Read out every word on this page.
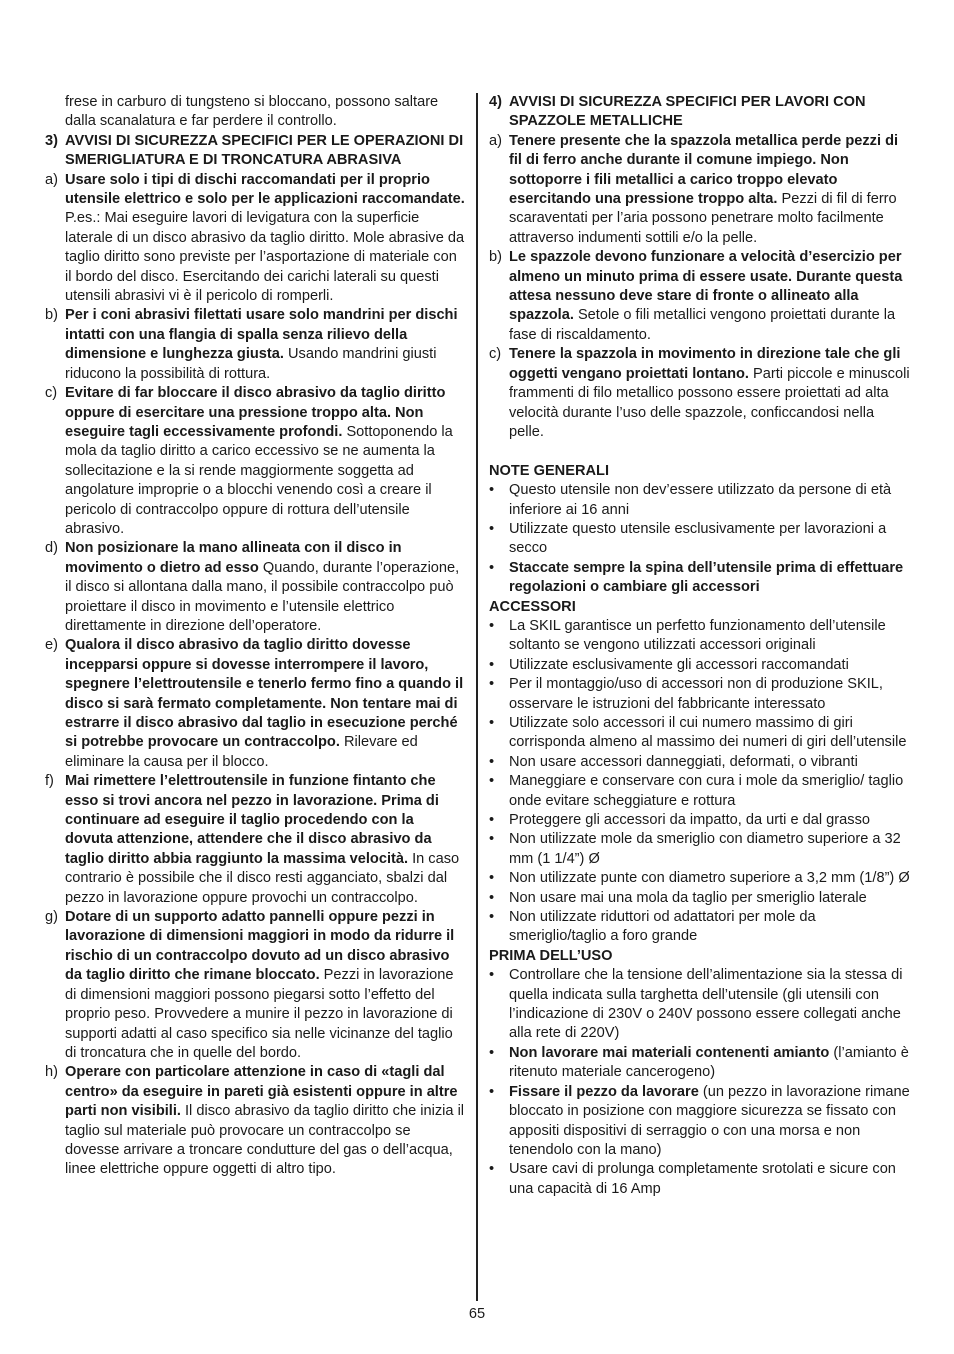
frese in carburo di tungsteno si bloccano, possono saltare dalla scanalatura e far perdere il controllo.

3) AVVISI DI SICUREZZA SPECIFICI PER LE OPERAZIONI DI SMERIGLIATURA E DI TRONCATURA ABRASIVA
a) Usare solo i tipi di dischi raccomandati per il proprio utensile elettrico e solo per le applicazioni raccomandate. P.es.: Mai eseguire lavori di levigatura con la superficie laterale di un disco abrasivo da taglio diritto. Mole abrasive da taglio diritto sono previste per l’asportazione di materiale con il bordo del disco. Esercitando dei carichi laterali su questi utensili abrasivi vi è il pericolo di romperli.
b) Per i coni abrasivi filettati usare solo mandrini per dischi intatti con una flangia di spalla senza rilievo della dimensione e lunghezza giusta. Usando mandrini giusti riducono la possibilità di rottura.
c) Evitare di far bloccare il disco abrasivo da taglio diritto oppure di esercitare una pressione troppo alta. Non eseguire tagli eccessivamente profondi. Sottoponendo la mola da taglio diritto a carico eccessivo se ne aumenta la sollecitazione e la si rende maggiormente soggetta ad angolature improprie o a blocchi venendo così a creare il pericolo di contraccolpo oppure di rottura dell’utensile abrasivo.
d) Non posizionare la mano allineata con il disco in movimento o dietro ad esso Quando, durante l’operazione, il disco si allontana dalla mano, il possibile contraccolpo può proiettare il disco in movimento e l’utensile elettrico direttamente in direzione dell’operatore.
e) Qualora il disco abrasivo da taglio diritto dovesse incepparsi oppure si dovesse interrompere il lavoro, spegnere l’elettroutensile e tenerlo fermo fino a quando il disco si sarà fermato completamente. Non tentare mai di estrarre il disco abrasivo dal taglio in esecuzione perché si potrebbe provocare un contraccolpo. Rilevare ed eliminare la causa per il blocco.
f) Mai rimettere l’elettroutensile in funzione fintanto che esso si trovi ancora nel pezzo in lavorazione. Prima di continuare ad eseguire il taglio procedendo con la dovuta attenzione, attendere che il disco abrasivo da taglio diritto abbia raggiunto la massima velocità. In caso contrario è possibile che il disco resti agganciato, sbalzi dal pezzo in lavorazione oppure provochi un contraccolpo.
g) Dotare di un supporto adatto pannelli oppure pezzi in lavorazione di dimensioni maggiori in modo da ridurre il rischio di un contraccolpo dovuto ad un disco abrasivo da taglio diritto che rimane bloccato. Pezzi in lavorazione di dimensioni maggiori possono piegarsi sotto l’effetto del proprio peso. Provvedere a munire il pezzo in lavorazione di supporti adatti al caso specifico sia nelle vicinanze del taglio di troncatura che in quelle del bordo.
h) Operare con particolare attenzione in caso di «tagli dal centro» da eseguire in pareti già esistenti oppure in altre parti non visibili. Il disco abrasivo da taglio diritto che inizia il taglio sul materiale può provocare un contraccolpo se dovesse arrivare a troncare condutture del gas o dell’acqua, linee elettriche oppure oggetti di altro tipo.
4) AVVISI DI SICUREZZA SPECIFICI PER LAVORI CON SPAZZOLE METALLICHE
a) Tenere presente che la spazzola metallica perde pezzi di fil di ferro anche durante il comune impiego. Non sottoporre i fili metallici a carico troppo elevato esercitando una pressione troppo alta. Pezzi di fil di ferro scaraventati per l’aria possono penetrare molto facilmente attraverso indumenti sottili e/o la pelle.
b) Le spazzole devono funzionare a velocità d’esercizio per almeno un minuto prima di essere usate. Durante questa attesa nessuno deve stare di fronte o allineato alla spazzola. Setole o fili metallici vengono proiettati durante la fase di riscaldamento.
c) Tenere la spazzola in movimento in direzione tale che gli oggetti vengano proiettati lontano. Parti piccole e minuscoli frammenti di filo metallico possono essere proiettati ad alta velocità durante l’uso delle spazzole, conficcandosi nella pelle.

NOTE GENERALI

•	Questo utensile non dev’essere utilizzato da persone di età inferiore ai 16 anni
•	Utilizzate questo utensile esclusivamente per lavorazioni a secco
•	Staccate sempre la spina dell’utensile prima di effettuare regolazioni o cambiare gli accessori

ACCESSORI

•	La SKIL garantisce un perfetto funzionamento dell’utensile soltanto se vengono utilizzati accessori originali
•	Utilizzate esclusivamente gli accessori raccomandati
•	Per il montaggio/uso di accessori non di produzione SKIL, osservare le istruzioni del fabbricante interessato
•	Utilizzate solo accessori il cui numero massimo di giri corrisponda almeno al massimo dei numeri di giri dell’utensile
•	Non usare accessori danneggiati, deformati, o vibranti
•	Maneggiare e conservare con cura i mole da smeriglio/ taglio onde evitare scheggiature e rottura
•	Proteggere gli accessori da impatto, da urti e dal grasso
•	Non utilizzate mole da smeriglio con diametro superiore a 32 mm (1 1/4”) Ø
•	Non utilizzate punte con diametro superiore a 3,2 mm (1/8”) Ø
•	Non usare mai una mola da taglio per smeriglio laterale
•	Non utilizzate riduttori od adattatori per mole da smeriglio/taglio a foro grande

PRIMA DELL’USO

•	Controllare che la tensione dell’alimentazione sia la stessa di quella indicata sulla targhetta dell’utensile (gli utensili con l’indicazione di 230V o 240V possono essere collegati anche alla rete di 220V)
•	Non lavorare mai materiali contenenti amianto (l’amianto è ritenuto materiale cancerogeno)
•	Fissare il pezzo da lavorare (un pezzo in lavorazione rimane bloccato in posizione con maggiore sicurezza se fissato con appositi dispositivi di serraggio o con una morsa e non tenendolo con la mano)
•	Usare cavi di prolunga completamente srotolati e sicure con una capacità di 16 Amp
65
